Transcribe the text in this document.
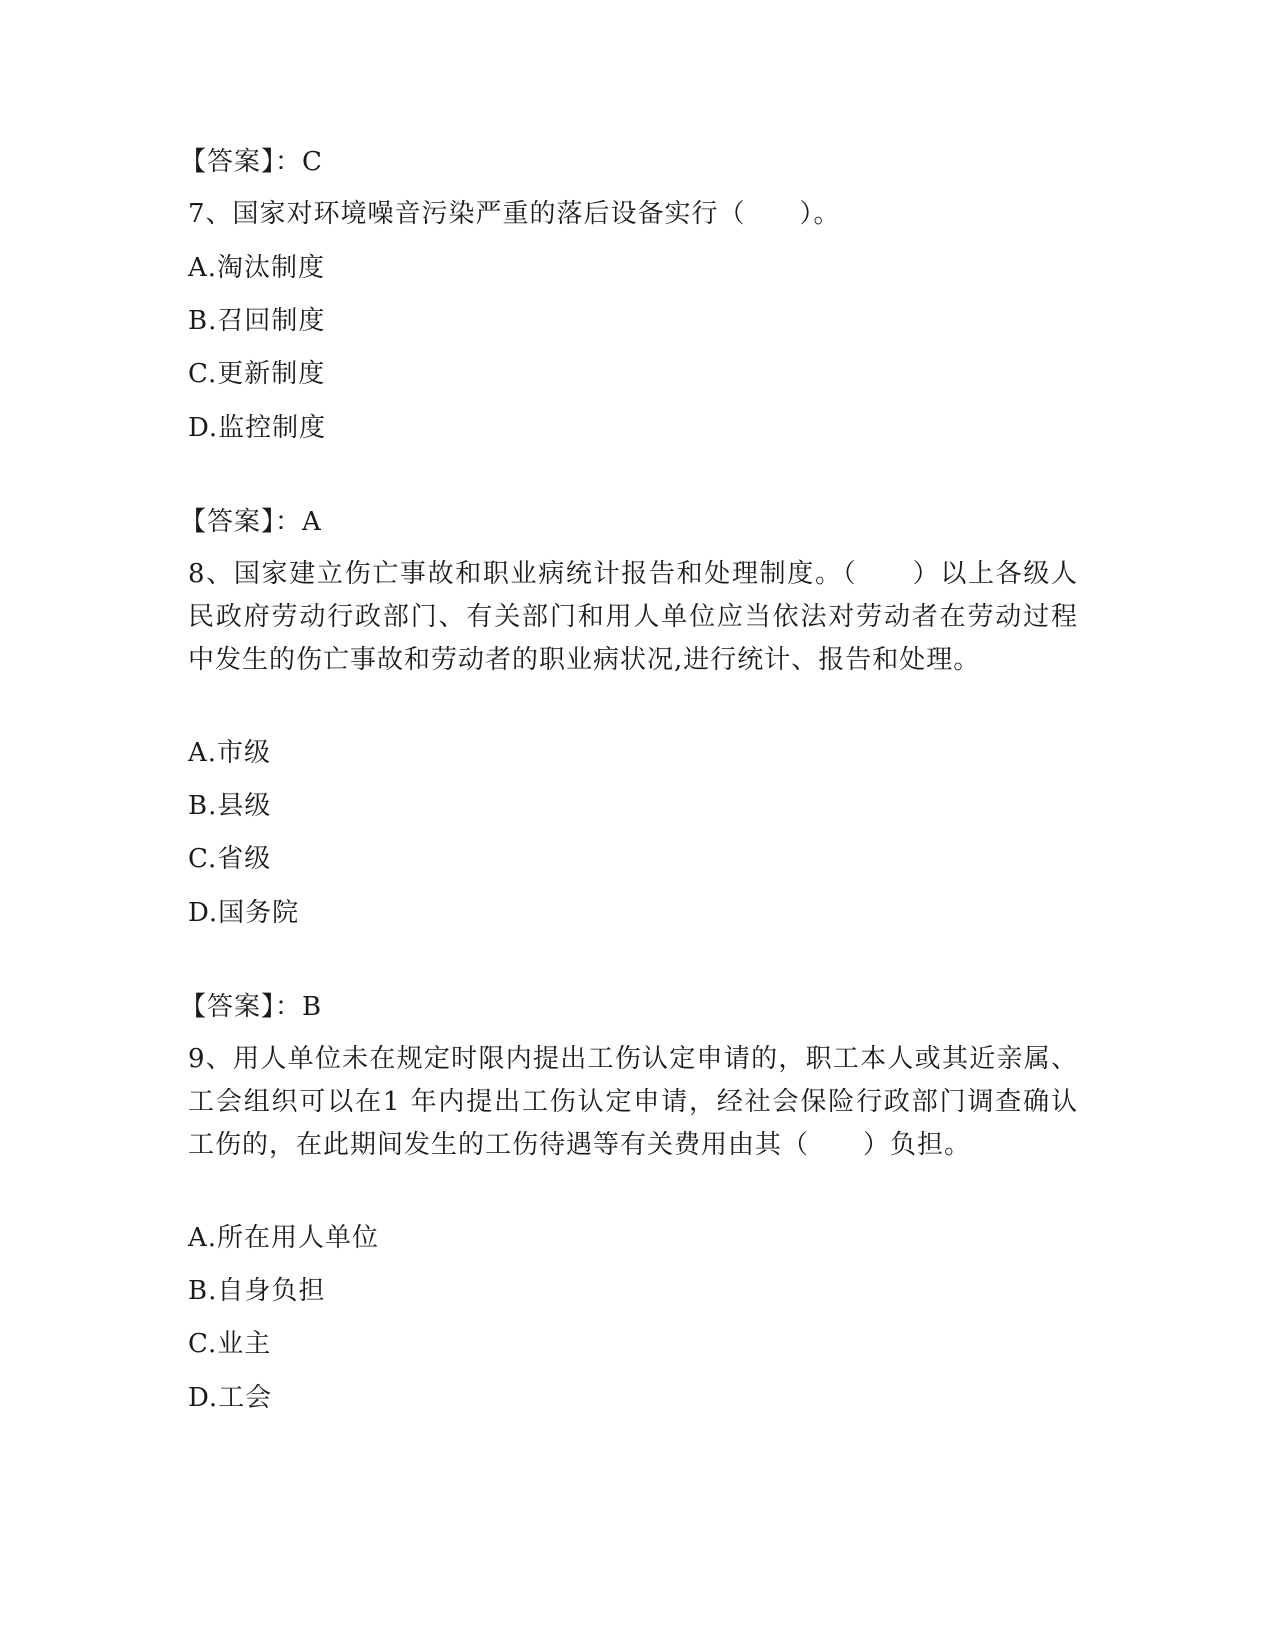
【答案】：C
7、国家对环境噪音污染严重的落后设备实行（　　）。
A.淘汰制度
B.召回制度
C.更新制度
D.监控制度
【答案】：A
8、国家建立伤亡事故和职业病统计报告和处理制度。（　　）以上各级人民政府劳动行政部门、有关部门和用人单位应当依法对劳动者在劳动过程中发生的伤亡事故和劳动者的职业病状况,进行统计、报告和处理。
A.市级
B.县级
C.省级
D.国务院
【答案】：B
9、用人单位未在规定时限内提出工伤认定申请的，职工本人或其近亲属、工会组织可以在1 年内提出工伤认定申请，经社会保险行政部门调查确认工伤的，在此期间发生的工伤待遇等有关费用由其（　　）负担。
A.所在用人单位
B.自身负担
C.业主
D.工会
